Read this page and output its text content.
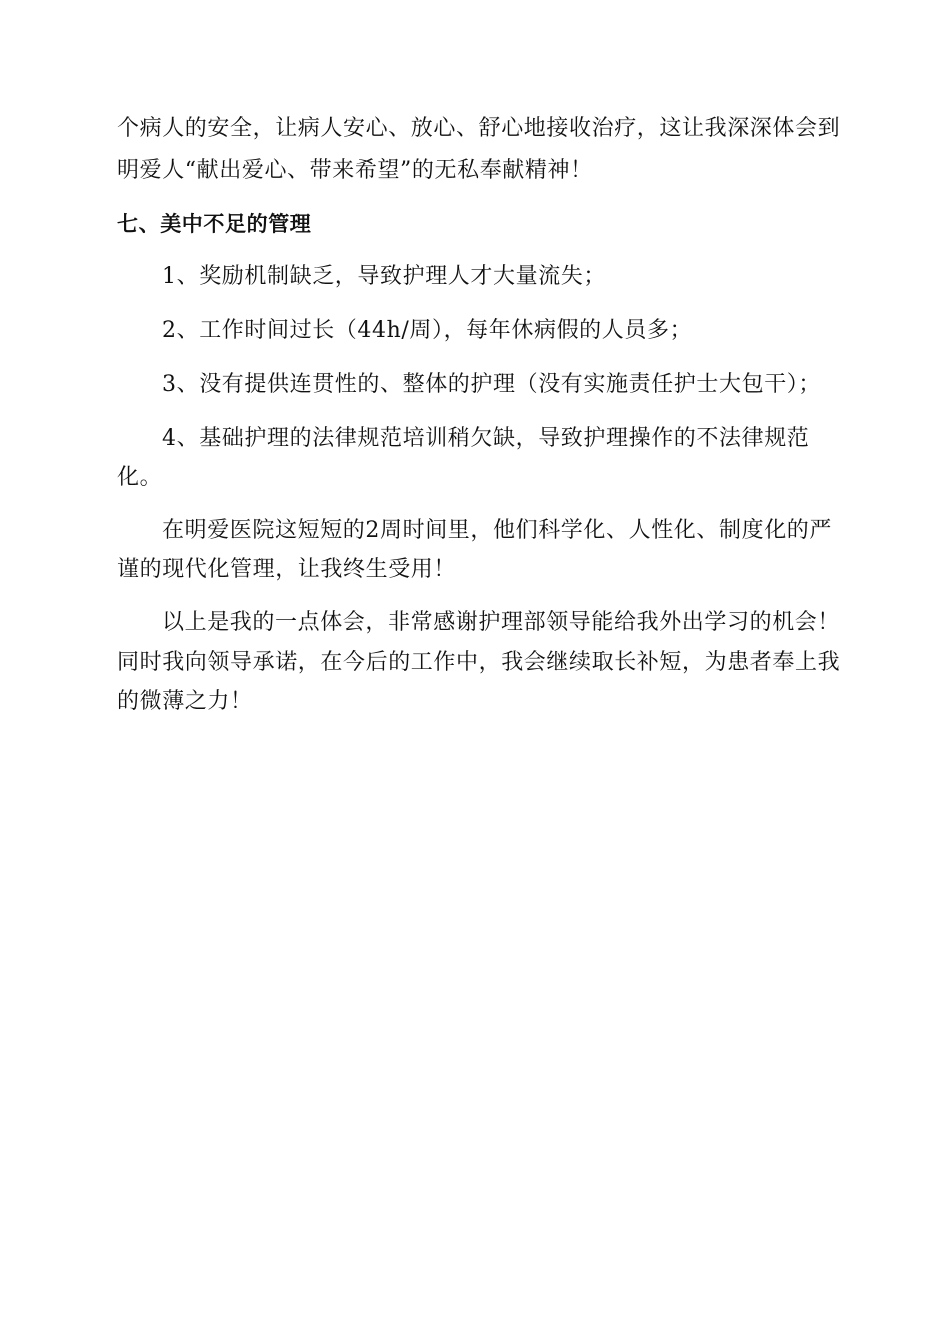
个病人的安全，让病人安心、放心、舒心地接收治疗，这让我深深体会到
明爱人“献出爱心、带来希望”的无私奉献精神！
七、美中不足的管理
1、奖励机制缺乏，导致护理人才大量流失；
2、工作时间过长（44h/周），每年休病假的人员多；
3、没有提供连贯性的、整体的护理（没有实施责任护士大包干）；
4、基础护理的法律规范培训稍欠缺，导致护理操作的不法律规范
化。
在明爱医院这短短的2周时间里，他们科学化、人性化、制度化的严
谨的现代化管理，让我终生受用！
以上是我的一点体会，非常感谢护理部领导能给我外出学习的机会！
同时我向领导承诺，在今后的工作中，我会继续取长补短，为患者奉上我
的微薄之力！
